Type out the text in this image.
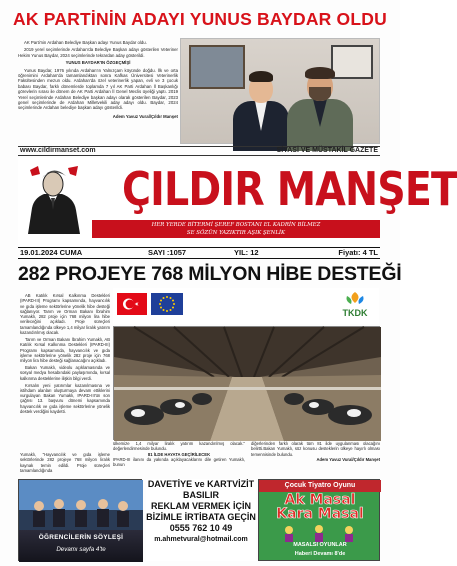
AK PARTİNİN ADAYI YUNUS BAYDAR OLDU

AK Parti'nin Ardahan Belediye Başkan adayı Yunus Baydar oldu.

2019 yerel seçimlerinde Ardahan'da Belediye Başkan adayı gösterilen Veteriner Hekim Yunus Baydar, 2024 seçimlerinde tekrardan aday gösterildi.

YUNUS BAYDAR'IN ÖZGEÇMİŞİ

Yunus Baydar, 1976 yılında Ardahan'ın Yalnızçam köyünde doğdu. İlk ve orta öğrenimini Ardahan'da tamamlandıktan sonra Kafkas Üniversitesi Veterinerlik Fakültesinden mezun oldu. Ardahan'da özel veterinerlik yapan, evli ve 3 çocuk babası Baydar, farklı dönemlerde toplamda 7 yıl AK Parti Ardahan İl Başkanlığı görevlerin sırası ile dönem de AK Parti Ardahan İl Genel Meclis üyeliği yaptı. 2019 Yerel seçimlerinde Ardahan Belediye başkan adayı olarak gösterilen Baydar, 2023 genel seçimlerinde de Ardahan Milletvekili aday adayı oldu. Baydar, 2024 seçimlerinde Ardahan belediye başkan adayı gösterildi.

Adem Yavuz Vural/Çıldır Manşet

www.cildirmanset.com	SİYASİ VE MÜSTAKİL GAZETE
ÇILDIR MANŞET
HER YERDE BİTERMİ ŞEREF BOSTANI EL KADRİN BİLMEZ
SE SÖZÜN YAZIKTIR AŞIK ŞENLİK
19.01.2024 CUMA	SAYI :1057	YIL: 12	Fiyatı: 4 TL
282 PROJEYE 768 MİLYON HİBE DESTEĞİ

AB Katılık Kırsal Kalkınma Destekleri (IPARD-III) Programı kapsamında, hayvancılık ve gıda işleme sektörlerine yönelik hibe desteği sağlanıyor. Tarım ve Orman Bakanı İbrahim Yumaklı, 282 proje için 768 milyon lira hibe verileceğini açıkladı. Proje süreçleri tamamlandığında ülkeye 1,4 milyar liralık yatırım kazandırılmış olacak.

Tarım ve Orman Bakanı İbrahim Yumaklı, AB Katılık Kırsal Kalkınma Destekleri (IPARD-III) Programı kapsamında, hayvancılık ve gıda işleme sektörlerine yönelik 282 proje için 768 milyon lira hibe desteği sağlanacağını açıkladı.

Bakan Yumaklı, videolu açıklamasında ve sosyal medya hesabındaki paylaşımında, kırsal kalkınma desteklerine ilişkin bilgi verdi.

Kırsalın yeni yatırımlar kazanılmasına ve istihdam alanları oluşturmaya devam ettiklerini vurgulayan Bakan Yumaklı, IPARD-III'ün son çağrısı 13. başvuru dönemi kapsamında hayvancılık ve gıda işleme sektörlerine yönelik destek verdiğini kaydetti.

Yumaklı, "Hayvancılık ve gıda işleme sektörlerinde 282 projeye 768 milyon liralık kaynak temin edildi. Proje süreçleri tamamlandığında
TKDK
ülkemize 1,4 milyar liralık yatırım kazandırılmış olacak." değerlendirmesinde bulundu.
81 İLDE HAYATA GEÇİRİLECEK
IPARD-III ilanını da yakında açıklayacaklarını dile getiren Yumaklı, bunun
diğerlerinden farklı olarak tüm 81 ilde uygulanması olacağını belirtti.Bakan Yumaklı, söz konusu desteklerin ülkeye hayırlı olması temennisinde bulundu.
Adem Yavuz Vural/Çıldır Manşet
ÖĞRENCİLERİN SÖYLEŞİ
Devamı sayfa 4'te
DAVETİYE ve KARTVİZİT BASILIR
REKLAM VERMEK İÇİN BİZİMLE İRTİBATA GEÇİN
0555 762 10 49
m.ahmetvural@hotmail.com
Çocuk Tiyatro Oyunu
Ak Masal
Kara Masal
MASALSI OYUNLAR
Haberi Devamı 8'de
